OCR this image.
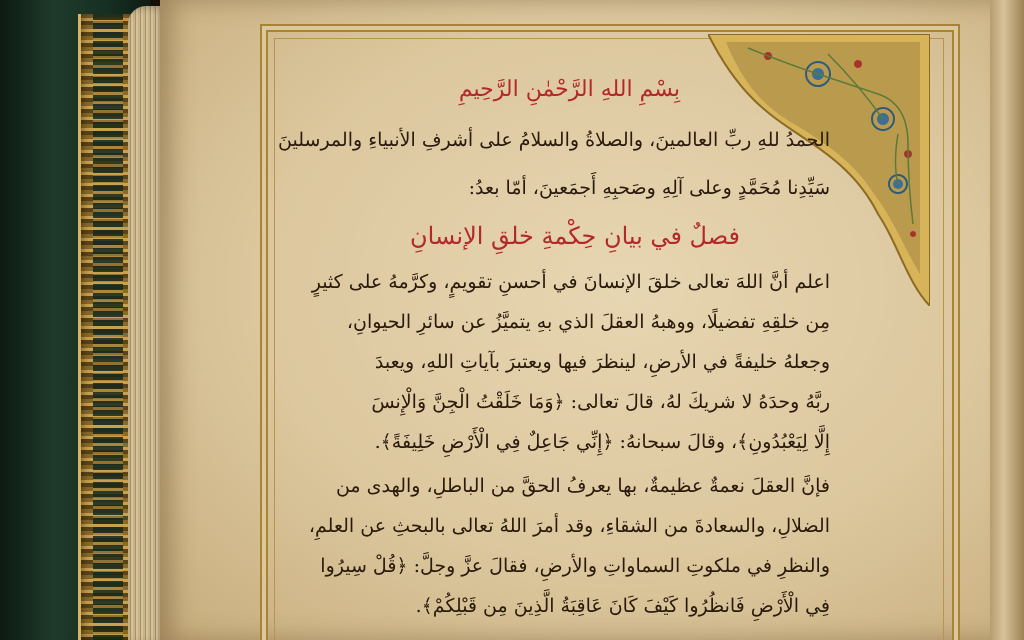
بِسْمِ اللهِ الرَّحْمٰنِ الرَّحِيمِ
الحمدُ للهِ ربِّ العالمينَ، والصلاةُ والسلامُ على أشرفِ الأنبياءِ والمرسلينَ
سَيِّدِنا مُحَمَّدٍ وعلى آلِهِ وصَحبِهِ أَجمَعينَ، أمّا بعدُ:
فصلٌ في بيانِ حِكْمةِ خلقِ الإنسانِ
اعلم أنَّ اللهَ تعالى خلقَ الإنسانَ في أحسنِ تقويمٍ، وكرَّمهُ على كثيرٍ
مِن خلقِهِ تفضيلًا، ووهبهُ العقلَ الذي بهِ يتميَّزُ عن سائرِ الحيوانِ،
وجعلهُ خليفةً في الأرضِ، لينظرَ فيها ويعتبرَ بآياتِ اللهِ، ويعبدَ
ربَّهُ وحدَهُ لا شريكَ لهُ، قالَ تعالى: ﴿وَمَا خَلَقْتُ الْجِنَّ وَالْإِنسَ
إِلَّا لِيَعْبُدُونِ﴾، وقالَ سبحانهُ: ﴿إِنِّي جَاعِلٌ فِي الْأَرْضِ خَلِيفَةً﴾.
فإنَّ العقلَ نعمةٌ عظيمةٌ، بها يعرفُ الحقَّ من الباطلِ، والهدى من
الضلالِ، والسعادةَ من الشقاءِ، وقد أمرَ اللهُ تعالى بالبحثِ عن العلمِ،
والنظرِ في ملكوتِ السماواتِ والأرضِ، فقالَ عزَّ وجلَّ: ﴿قُلْ سِيرُوا
فِي الْأَرْضِ فَانظُرُوا كَيْفَ كَانَ عَاقِبَةُ الَّذِينَ مِن قَبْلِكُمْ﴾.
